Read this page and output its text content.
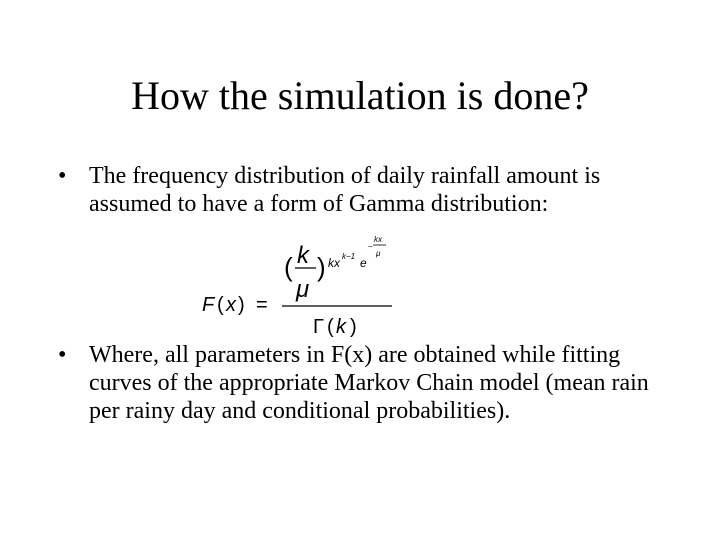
How the simulation is done?
• The frequency distribution of daily rainfall amount is assumed to have a form of Gamma distribution:
F ( x ) =
( k
μ
) kx k−1 e
−
kx
μ
Γ ( k )
• Where, all parameters in F(x) are obtained while fitting curves of the appropriate Markov Chain model (mean rain per rainy day and conditional probabilities).
